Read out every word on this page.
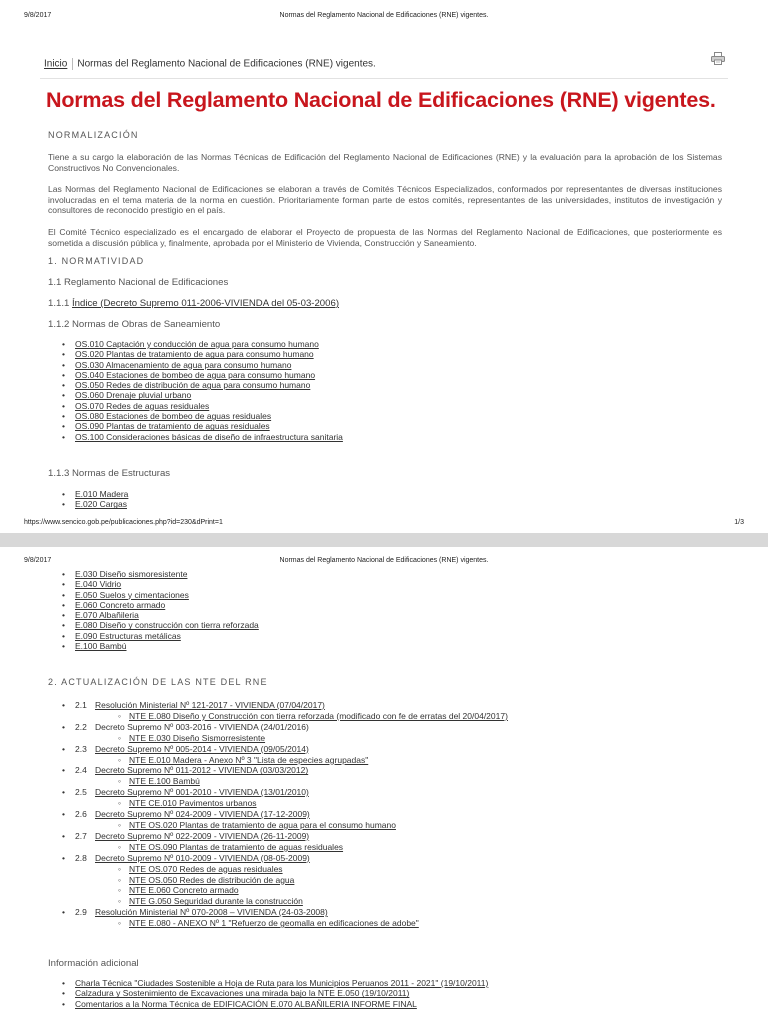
9/8/2017	Normas del Reglamento Nacional de Edificaciones (RNE) vigentes.
Inicio Normas del Reglamento Nacional de Edificaciones (RNE) vigentes.
Normas del Reglamento Nacional de Edificaciones (RNE) vigentes.
NORMALIZACIÓN

Tiene a su cargo la elaboración de las Normas Técnicas de Edificación del Reglamento Nacional de Edificaciones (RNE) y la evaluación para la aprobación de los Sistemas Constructivos No Convencionales.

Las Normas del Reglamento Nacional de Edificaciones se elaboran a través de Comités Técnicos Especializados, conformados por representantes de diversas instituciones involucradas en el tema materia de la norma en cuestión. Prioritariamente forman parte de estos comités, representantes de las universidades, institutos de investigación y consultores de reconocido prestigio en el país.

El Comité Técnico especializado es el encargado de elaborar el Proyecto de propuesta de las Normas del Reglamento Nacional de Edificaciones, que posteriormente es sometida a discusión pública y, finalmente, aprobada por el Ministerio de Vivienda, Construcción y Saneamiento.

1. NORMATIVIDAD
1.1 Reglamento Nacional de Edificaciones
1.1.1 Índice (Decreto Supremo 011-2006-VIVIENDA del 05-03-2006)
1.1.2 Normas de Obras de Saneamiento
• OS.010 Captación y conducción de agua para consumo humano
• OS.020 Plantas de tratamiento de agua para consumo humano
• OS.030 Almacenamiento de agua para consumo humano
• OS.040 Estaciones de bombeo de agua para consumo humano
• OS.050 Redes de distribución de agua para consumo humano
• OS.060 Drenaje pluvial urbano
• OS.070 Redes de aguas residuales
• OS.080 Estaciones de bombeo de aguas residuales
• OS.090 Plantas de tratamiento de aguas residuales
• OS.100 Consideraciones básicas de diseño de infraestructura sanitaria
1.1.3 Normas de Estructuras
• E.010 Madera
• E.020 Cargas
https://www.sencico.gob.pe/publicaciones.php?id=230&dPrint=1	1/3
9/8/2017	Normas del Reglamento Nacional de Edificaciones (RNE) vigentes.
• E.030 Diseño sismoresistente
• E.040 Vidrio
• E.050 Suelos y cimentaciones
• E.060 Concreto armado
• E.070 Albañileria
• E.080 Diseño y construcción con tierra reforzada
• E.090 Estructuras metálicas
• E.100 Bambú
2. ACTUALIZACIÓN DE LAS NTE DEL RNE
• 2.1 Resolución Ministerial Nº 121-2017 - VIVIENDA (07/04/2017)
◦ NTE E.080 Diseño y Construcción con tierra reforzada (modificado con fe de erratas del 20/04/2017)
• 2.2 Decreto Supremo Nº 003-2016 - VIVIENDA (24/01/2016)
◦ NTE E.030 Diseño Sismorresistente
• 2.3 Decreto Supremo Nº 005-2014 - VIVIENDA (09/05/2014)
◦ NTE E.010 Madera - Anexo Nº 3 "Lista de especies agrupadas"
• 2.4 Decreto Supremo Nº 011-2012 - VIVIENDA (03/03/2012)
◦ NTE E.100 Bambú
• 2.5 Decreto Supremo Nº 001-2010 - VIVIENDA (13/01/2010)
◦ NTE CE.010 Pavimentos urbanos
• 2.6 Decreto Supremo Nº 024-2009 - VIVIENDA (17-12-2009)
◦ NTE OS.020 Plantas de tratamiento de agua para el consumo humano
• 2.7 Decreto Supremo Nº 022-2009 - VIVIENDA (26-11-2009)
◦ NTE OS.090 Plantas de tratamiento de aguas residuales
• 2.8 Decreto Supremo Nº 010-2009 - VIVIENDA (08-05-2009)
◦ NTE OS.070 Redes de aguas residuales
◦ NTE OS.050 Redes de distribución de agua
◦ NTE E.060 Concreto armado
◦ NTE G.050 Seguridad durante la construcción
• 2.9 Resolución Ministerial Nº 070-2008 – VIVIENDA (24-03-2008)
◦ NTE E.080 - ANEXO Nº 1 "Refuerzo de geomalla en edificaciones de adobe"
Información adicional
• Charla Técnica "Ciudades Sostenible a Hoja de Ruta para los Municipios Peruanos 2011 - 2021" (19/10/2011)
• Calzadura y Sostenimiento de Excavaciones una mirada bajo la NTE E.050 (19/10/2011)
• Comentarios a la Norma Técnica de EDIFICACIÓN E.070 ALBAÑILERIA INFORME FINAL
